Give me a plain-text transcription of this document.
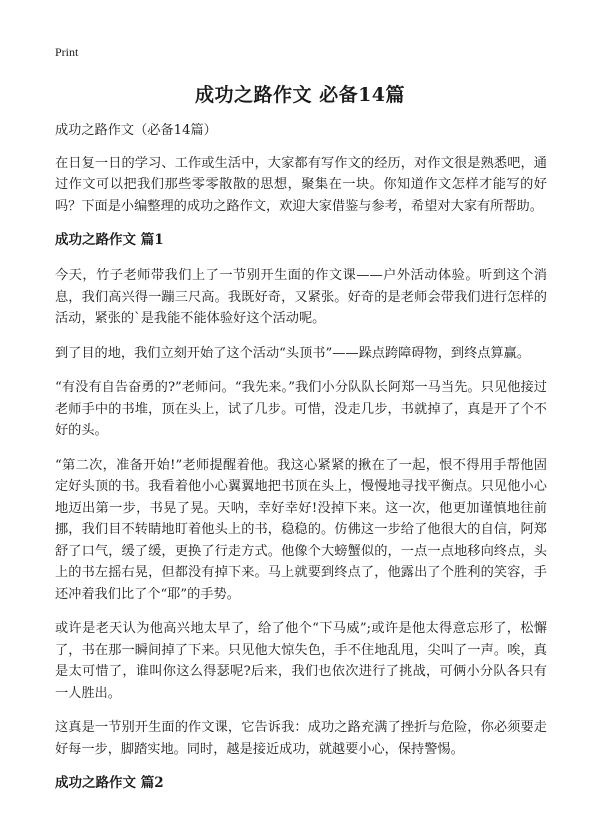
Print
成功之路作文 必备14篇

成功之路作文（必备14篇）

在日复一日的学习、工作或生活中，大家都有写作文的经历，对作文很是熟悉吧，通过作文可以把我们那些零零散散的思想，聚集在一块。你知道作文怎样才能写的好吗？下面是小编整理的成功之路作文，欢迎大家借鉴与参考，希望对大家有所帮助。

成功之路作文 篇1

今天，竹子老师带我们上了一节别开生面的作文课——户外活动体验。听到这个消息，我们高兴得一蹦三尺高。我既好奇，又紧张。好奇的是老师会带我们进行怎样的活动，紧张的`是我能不能体验好这个活动呢。

到了目的地，我们立刻开始了这个活动“头顶书”——跺点跨障碍物，到终点算赢。

“有没有自告奋勇的?”老师问。“我先来。”我们小分队队长阿郑一马当先。只见他接过老师手中的书堆，顶在头上，试了几步。可惜，没走几步，书就掉了，真是开了个不好的头。

“第二次，准备开始!”老师提醒着他。我这心紧紧的揪在了一起，恨不得用手帮他固定好头顶的书。我看着他小心翼翼地把书顶在头上，慢慢地寻找平衡点。只见他小心地迈出第一步，书晃了晃。天呐，幸好幸好!没掉下来。这一次，他更加谨慎地往前挪，我们目不转睛地盯着他头上的书，稳稳的。仿佛这一步给了他很大的自信，阿郑舒了口气，缓了缓，更换了行走方式。他像个大螃蟹似的，一点一点地移向终点，头上的书左摇右晃，但都没有掉下来。马上就要到终点了，他露出了个胜利的笑容，手还冲着我们比了个“耶”的手势。

或许是老天认为他高兴地太早了，给了他个“下马威”;或许是他太得意忘形了，松懈了，书在那一瞬间掉了下来。只见他大惊失色，手不住地乱甩，尖叫了一声。唉，真是太可惜了，谁叫你这么得瑟呢?后来，我们也依次进行了挑战，可俩小分队各只有一人胜出。

这真是一节别开生面的作文课，它告诉我：成功之路充满了挫折与危险，你必须要走好每一步，脚踏实地。同时，越是接近成功，就越要小心，保持警惕。

成功之路作文 篇2
